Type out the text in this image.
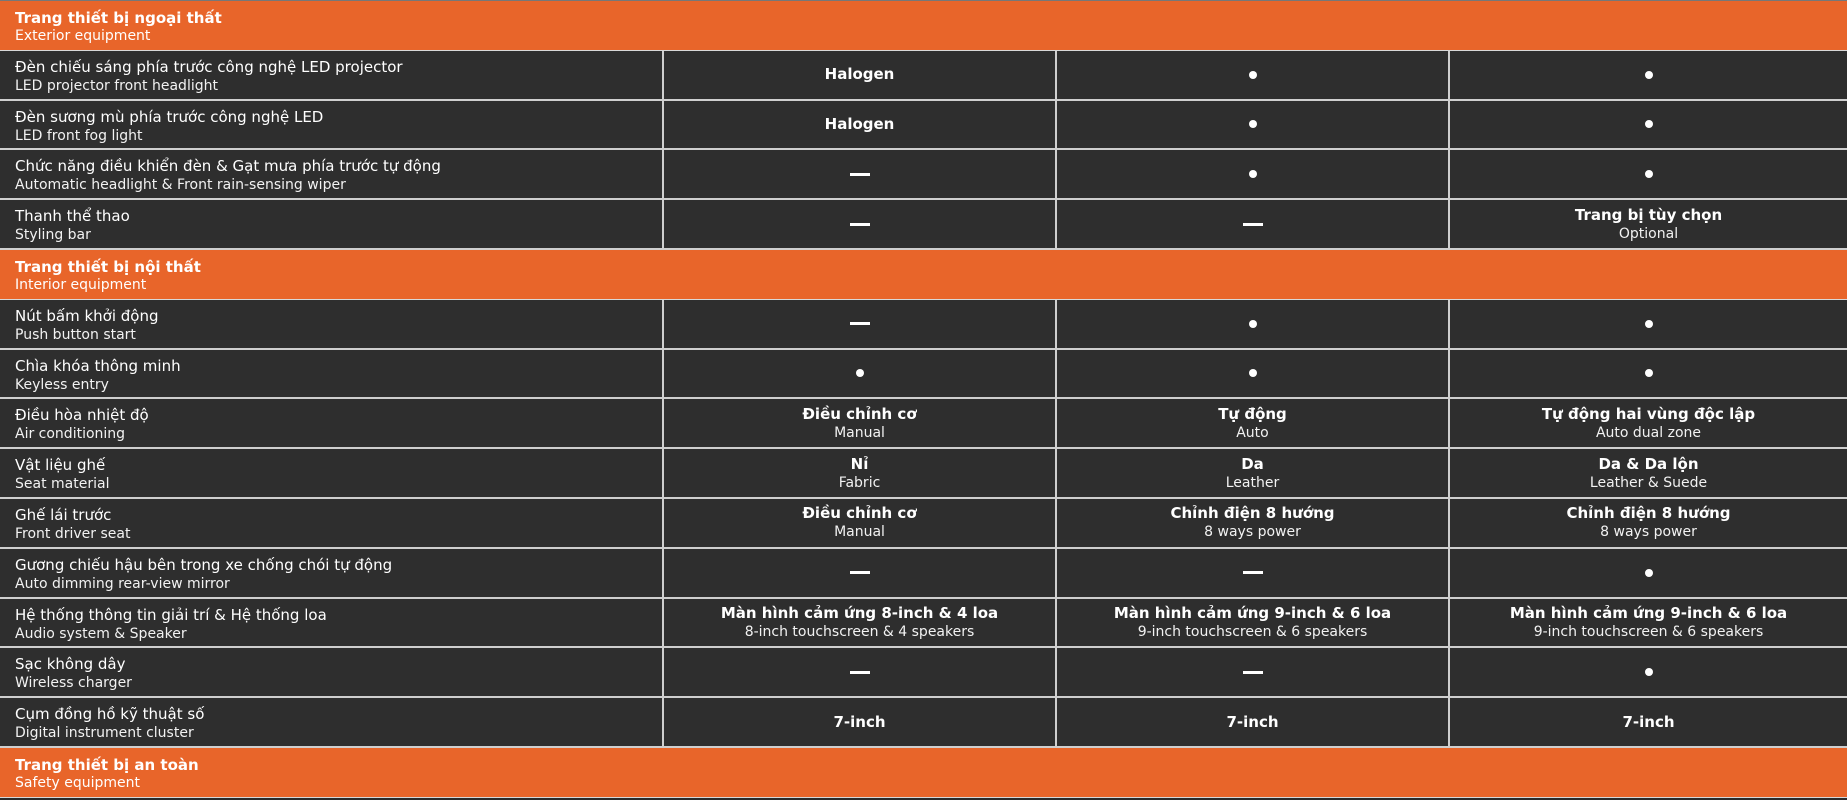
Trang thiết bị ngoại thất
Exterior equipment
Đèn chiếu sáng phía trước công nghệ LED projector
LED projector front headlight
Halogen
Đèn sương mù phía trước công nghệ LED
LED front fog light
Halogen
Chức năng điều khiển đèn & Gạt mưa phía trước tự động
Automatic headlight & Front rain-sensing wiper
Thanh thể thao
Styling bar
Trang bị tùy chọn
Optional
Trang thiết bị nội thất
Interior equipment
Nút bấm khởi động
Push button start
Chìa khóa thông minh
Keyless entry
Điều hòa nhiệt độ
Air conditioning
Điều chỉnh cơ
Manual
Tự động
Auto
Tự động hai vùng độc lập
Auto dual zone
Vật liệu ghế
Seat material
Nỉ
Fabric
Da
Leather
Da & Da lộn
Leather & Suede
Ghế lái trước
Front driver seat
Điều chỉnh cơ
Manual
Chỉnh điện 8 hướng
8 ways power
Chỉnh điện 8 hướng
8 ways power
Gương chiếu hậu bên trong xe chống chói tự động
Auto dimming rear-view mirror
Hệ thống thông tin giải trí & Hệ thống loa
Audio system & Speaker
Màn hình cảm ứng 8-inch & 4 loa
8-inch touchscreen & 4 speakers
Màn hình cảm ứng 9-inch & 6 loa
9-inch touchscreen & 6 speakers
Màn hình cảm ứng 9-inch & 6 loa
9-inch touchscreen & 6 speakers
Sạc không dây
Wireless charger
Cụm đồng hồ kỹ thuật số
Digital instrument cluster
7-inch	7-inch	7-inch
Trang thiết bị an toàn
Safety equipment
